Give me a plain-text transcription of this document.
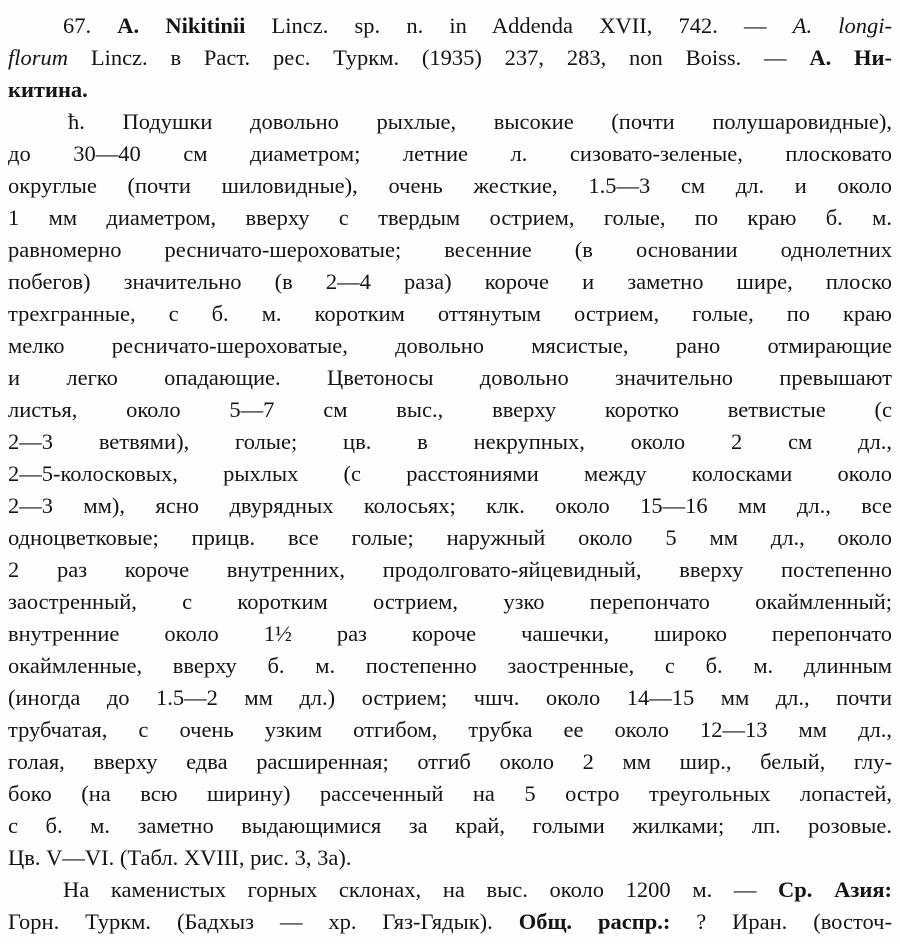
67. A. Nikitinii Lincz. sp. n. in Addenda XVII, 742. — A. longi-
florum Lincz. в Раст. рес. Туркм. (1935) 237, 283, non Boiss. — А. Ни-
китина.
ћ. Подушки довольно рыхлые, высокие (почти полушаровидные),
до 30—40 см диаметром; летние л. сизовато-зеленые, плосковато
округлые (почти шиловидные), очень жесткие, 1.5—3 см дл. и около
1 мм диаметром, вверху с твердым острием, голые, по краю б. м.
равномерно ресничато-шероховатые; весенние (в основании однолетних
побегов) значительно (в 2—4 раза) короче и заметно шире, плоско
трехгранные, с б. м. коротким оттянутым острием, голые, по краю
мелко ресничато-шероховатые, довольно мясистые, рано отмирающие
и легко опадающие. Цветоносы довольно значительно превышают
листья, около 5—7 см выс., вверху коротко ветвистые (с
2—3 ветвями), голые; цв. в некрупных, около 2 см дл.,
2—5-колосковых, рыхлых (с расстояниями между колосками около
2—3 мм), ясно двурядных колосьях; клк. около 15—16 мм дл., все
одноцветковые; прицв. все голые; наружный около 5 мм дл., около
2 раз короче внутренних, продолговато-яйцевидный, вверху постепенно
заостренный, с коротким острием, узко перепончато окаймленный;
внутренние около 1½ раз короче чашечки, широко перепончато
окаймленные, вверху б. м. постепенно заостренные, с б. м. длинным
(иногда до 1.5—2 мм дл.) острием; чшч. около 14—15 мм дл., почти
трубчатая, с очень узким отгибом, трубка ее около 12—13 мм дл.,
голая, вверху едва расширенная; отгиб около 2 мм шир., белый, глу-
боко (на всю ширину) рассеченный на 5 остро треугольных лопастей,
с б. м. заметно выдающимися за край, голыми жилками; лп. розовые.
Цв. V—VI. (Табл. XVIII, рис. 3, 3а).
На каменистых горных склонах, на выс. около 1200 м. — Ср. Азия:
Горн. Туркм. (Бадхыз — хр. Гяз-Гядык). Общ. распр.: ? Иран. (восточ-
